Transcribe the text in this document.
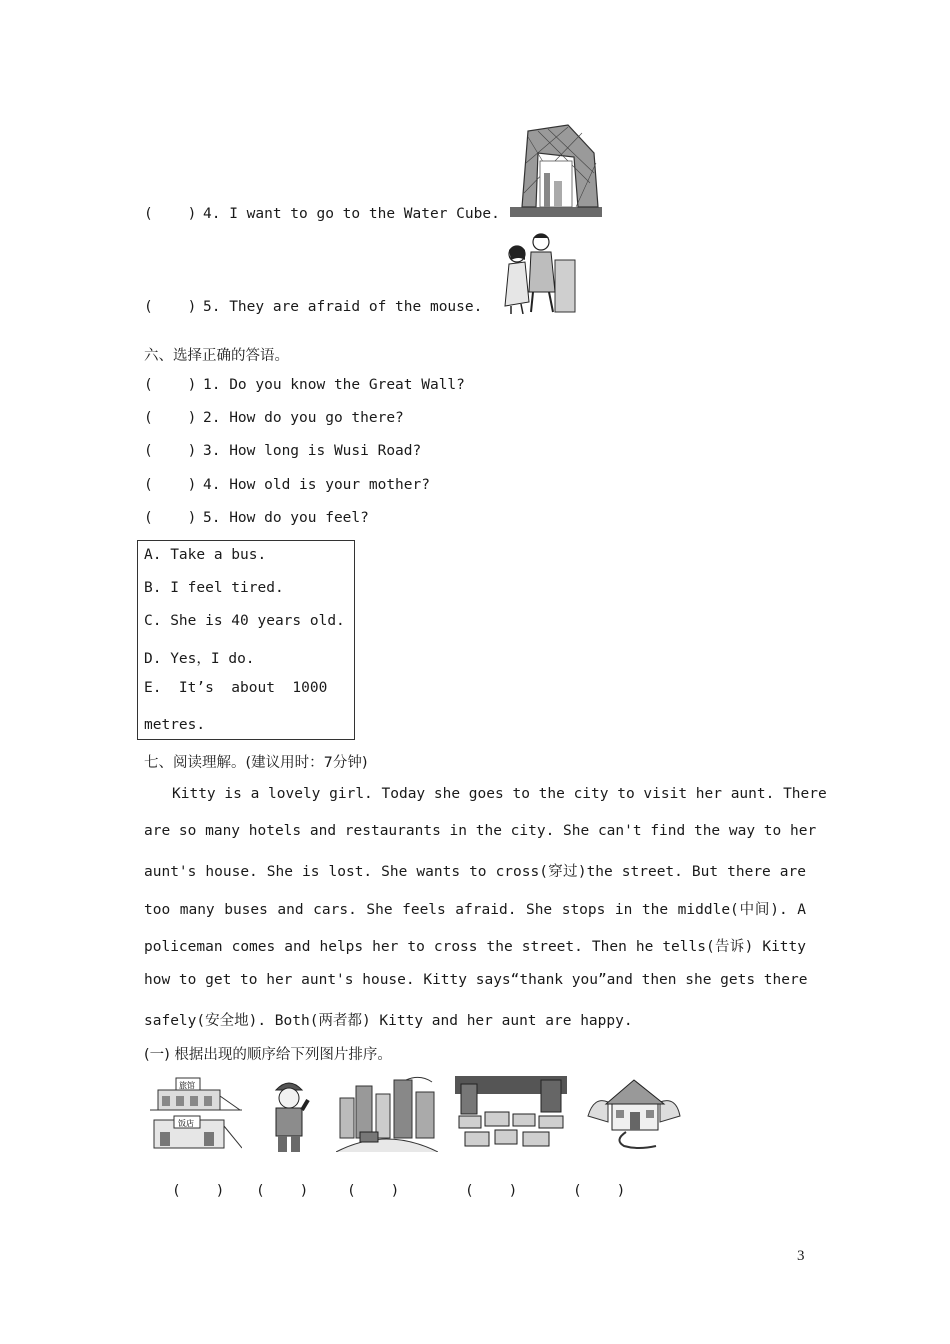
(    ) 4. I want to go to the Water Cube.
(    ) 5. They are afraid of the mouse.
六、选择正确的答语。
(    ) 1. Do you know the Great Wall?
(    ) 2. How do you go there?
(    ) 3. How long is Wusi Road?
(    ) 4. How old is your mother?
(    ) 5. How do you feel?
A. Take a bus.
B. I feel tired.
C. She is 40 years old.
D. Yes，I do.
E.  It’s  about  1000
metres.
七、阅读理解。(建议用时：7分钟)
Kitty is a lovely girl. Today she goes to the city to visit her aunt. There
are so many hotels and restaurants in the city. She can't find the way to her
aunt's house. She is lost. She wants to cross(穿过)the street. But there are
too many buses and cars. She feels afraid. She stops in the middle(中间). A
policeman comes and helps her to cross the street. Then he tells(告诉) Kitty
how to get to her aunt's house. Kitty says“thank you”and then she gets there
safely(安全地). Both(两者都) Kitty and her aunt are happy.
(一) 根据出现的顺序给下列图片排序。
旅馆
饭店
(    ) (    )	(    )	(    )	(    )
3
